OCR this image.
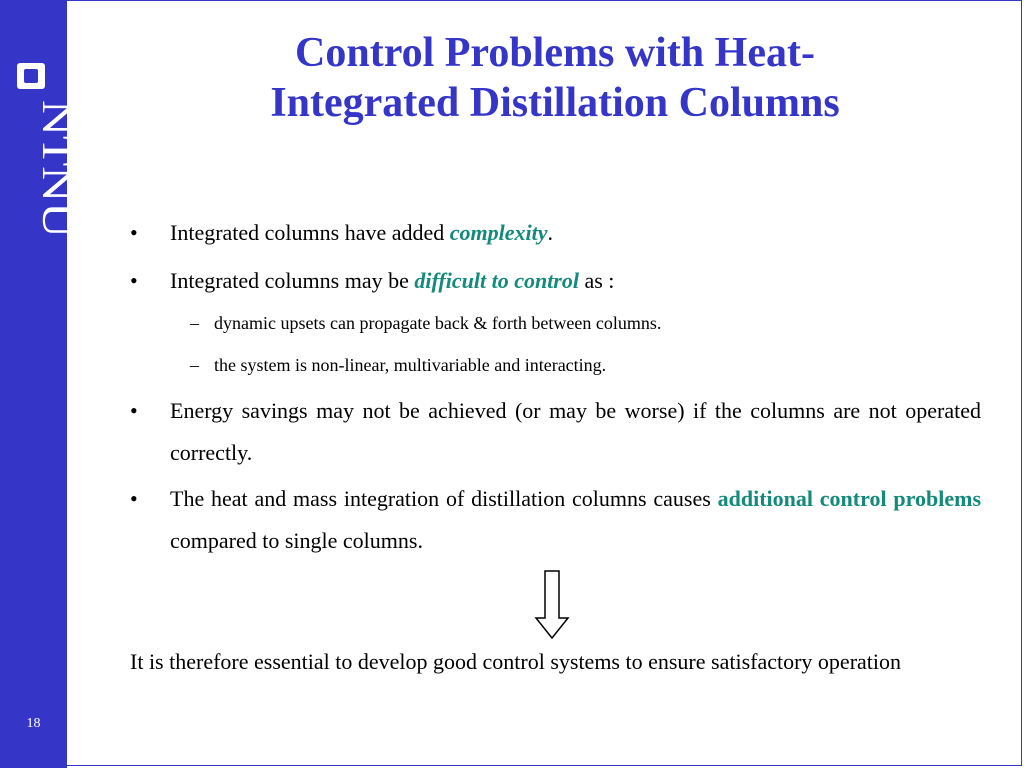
NTNU
18
Control Problems with Heat-
Integrated Distillation Columns
•	Integrated columns have added complexity.
•	Integrated columns may be difficult to control as :
– dynamic upsets can propagate back & forth between columns.
– the system is non-linear, multivariable and interacting.
•	Energy savings may not be achieved (or may be worse) if the columns are not operated correctly.
•	The heat and mass integration of distillation columns causes additional control problems compared to single columns.
It is therefore essential to develop good control systems to ensure satisfactory operation
